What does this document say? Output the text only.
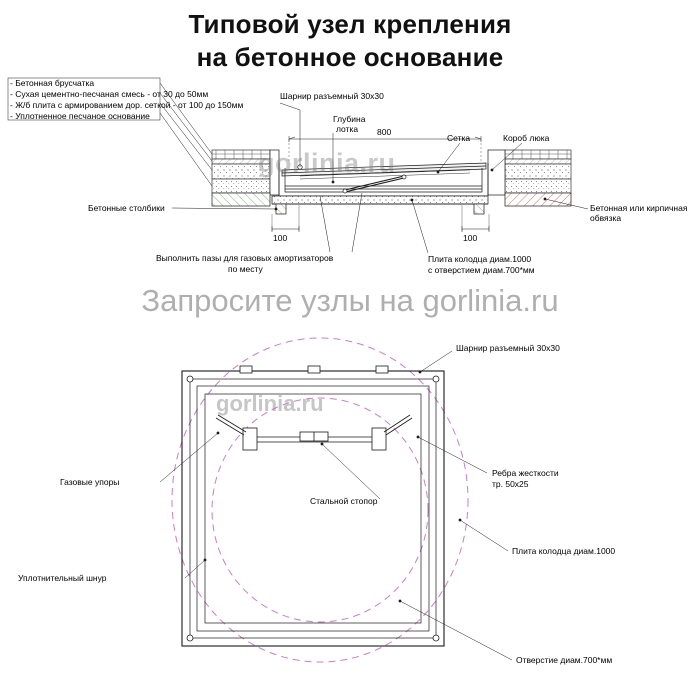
Типовой узел крепления
на бетонное основание
gorlinia.ru
Запросите узлы на gorlinia.ru
gorlinia.ru
- Бетонная брусчатка
- Сухая цементно-песчаная смесь - от 30 до 50мм
- Ж/б плита с армированием дор. сеткой - от 100 до 150мм
- Уплотненное песчаное основание
Шарнир разъемный 30х30
Глубина
лотка 800
Сетка	Короб люка
Бетонные столбики	Бетонная или кирпичная
обвязка
100	100
Выполнить пазы для газовых амортизаторов
по месту
Плита колодца диам.1000
с отверстием диам.700*мм
Шарнир разъемный 30х30
Газовые упоры
Стальной стопор
Ребра жесткости
тр. 50х25
Уплотнительный шнур
Плита колодца диам.1000
Отверстие диам.700*мм
